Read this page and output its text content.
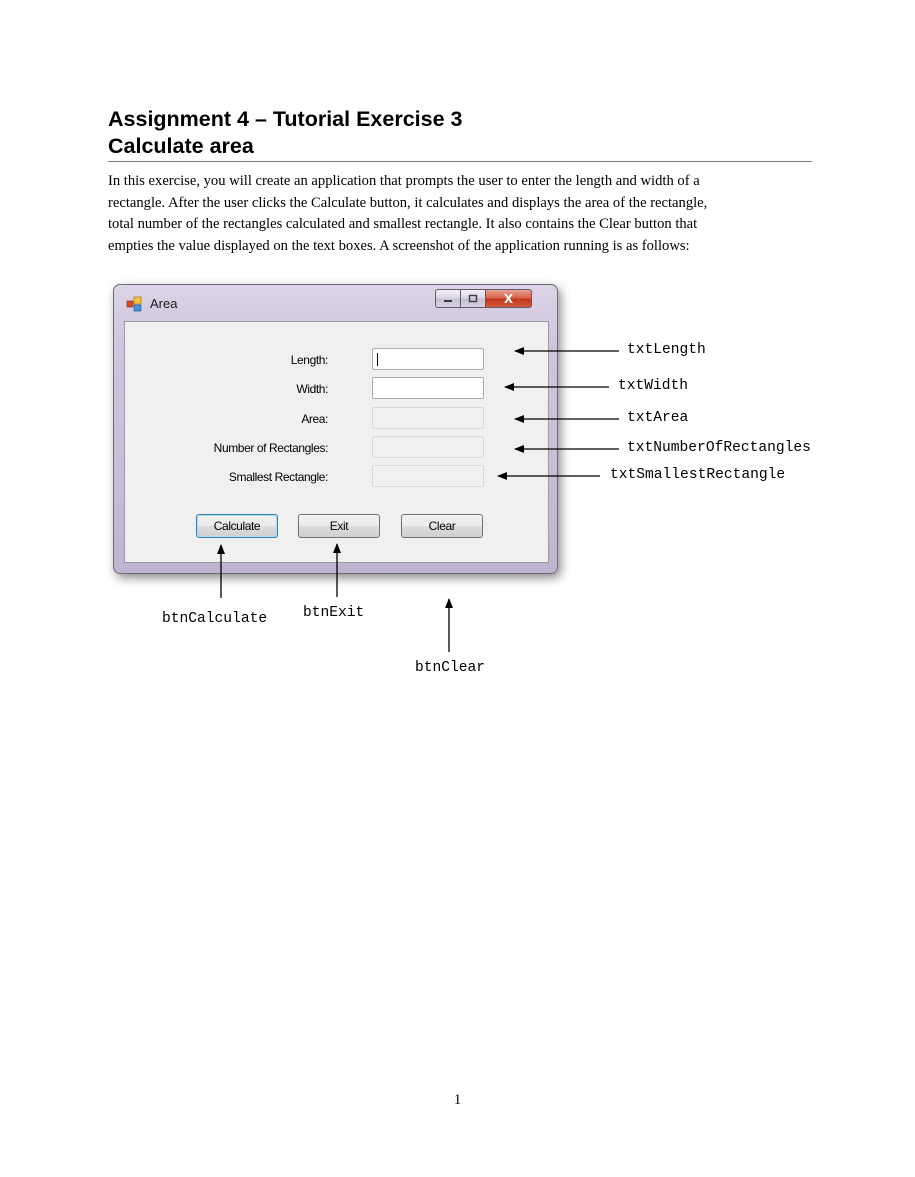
Assignment 4 – Tutorial Exercise 3
Calculate area
In this exercise, you will create an application that prompts the user to enter the length and width of a
rectangle. After the user clicks the Calculate button, it calculates and displays the area of the rectangle,
total number of the rectangles calculated and smallest rectangle. It also contains the Clear button that
empties the value displayed on the text boxes. A screenshot of the application running is as follows:
Area	X
Length:
Width:
Area:
Number of Rectangles:
Smallest Rectangle:
Calculate	Exit	Clear
txtLength
txtWidth
txtArea
txtNumberOfRectangles
txtSmallestRectangle
btnCalculate btnExit
btnClear
1
